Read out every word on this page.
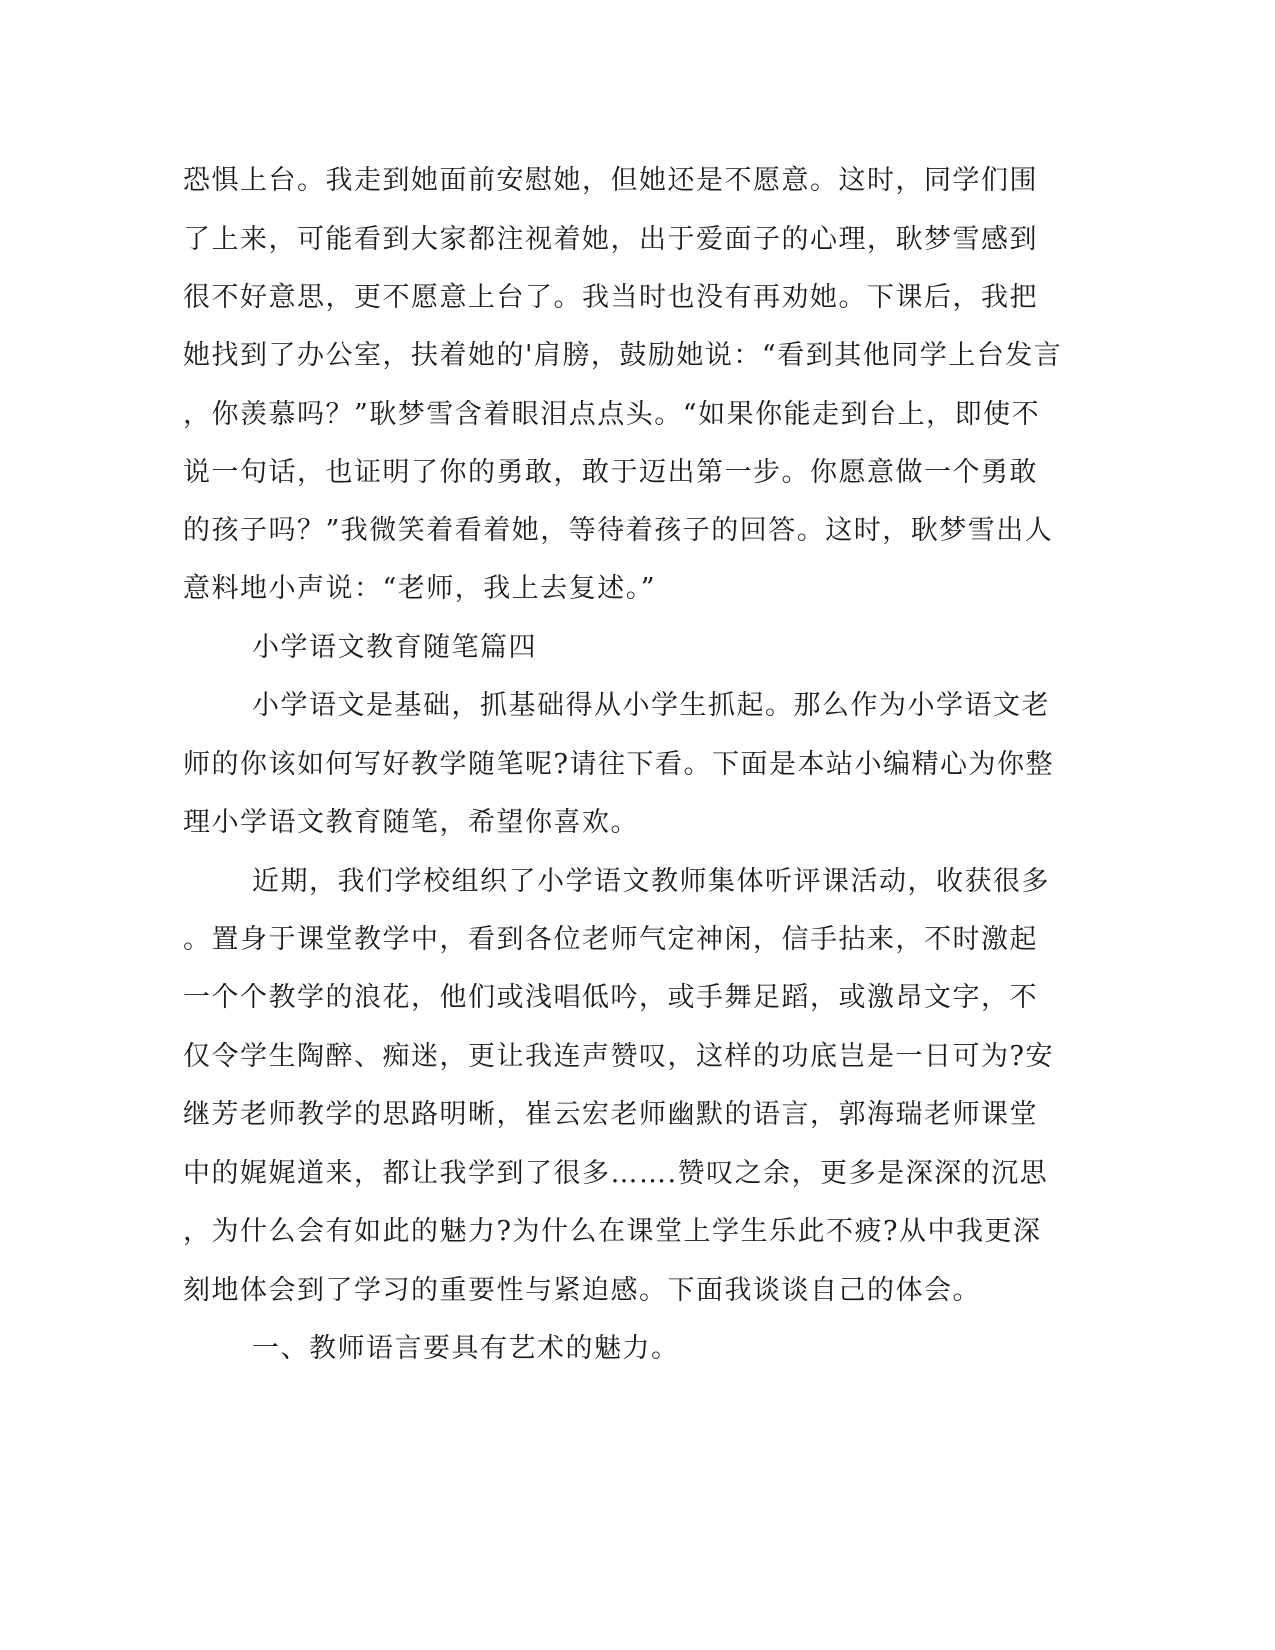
恐惧上台。我走到她面前安慰她，但她还是不愿意。这时，同学们围

了上来，可能看到大家都注视着她，出于爱面子的心理，耿梦雪感到

很不好意思，更不愿意上台了。我当时也没有再劝她。下课后，我把

她找到了办公室，扶着她的'肩膀，鼓励她说：“看到其他同学上台发言

，你羡慕吗？”耿梦雪含着眼泪点点头。“如果你能走到台上，即使不

说一句话，也证明了你的勇敢，敢于迈出第一步。你愿意做一个勇敢

的孩子吗？”我微笑着看着她，等待着孩子的回答。这时，耿梦雪出人

意料地小声说：“老师，我上去复述。”

小学语文教育随笔篇四

小学语文是基础，抓基础得从小学生抓起。那么作为小学语文老

师的你该如何写好教学随笔呢?请往下看。下面是本站小编精心为你整

理小学语文教育随笔，希望你喜欢。

近期，我们学校组织了小学语文教师集体听评课活动，收获很多

。置身于课堂教学中，看到各位老师气定神闲，信手拈来，不时激起

一个个教学的浪花，他们或浅唱低吟，或手舞足蹈，或激昂文字，不

仅令学生陶醉、痴迷，更让我连声赞叹，这样的功底岂是一日可为?安

继芳老师教学的思路明晰，崔云宏老师幽默的语言，郭海瑞老师课堂

中的娓娓道来，都让我学到了很多…….赞叹之余，更多是深深的沉思

，为什么会有如此的魅力?为什么在课堂上学生乐此不疲?从中我更深

刻地体会到了学习的重要性与紧迫感。下面我谈谈自己的体会。

一、教师语言要具有艺术的魅力。
